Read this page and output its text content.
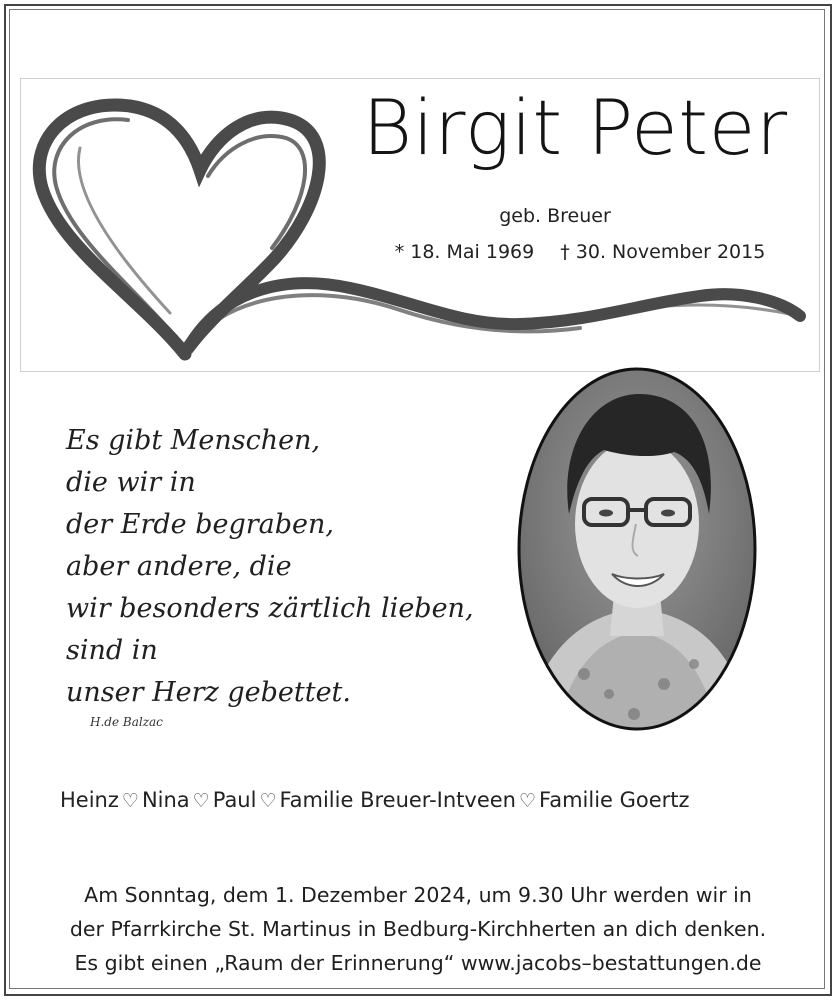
Birgit Peter
geb. Breuer
* 18. Mai 1969 † 30. November 2015
Es gibt Menschen,
die wir in
der Erde begraben,
aber andere, die
wir besonders zärtlich lieben,
sind in
unser Herz gebettet.
H.de Balzac
Heinz ♡ Nina ♡ Paul ♡ Familie Breuer-Intveen ♡ Familie Goertz
Am Sonntag, dem 1. Dezember 2024, um 9.30 Uhr werden wir in
der Pfarrkirche St. Martinus in Bedburg-Kirchherten an dich denken.
Es gibt einen „Raum der Erinnerung“ www.jacobs–bestattungen.de
